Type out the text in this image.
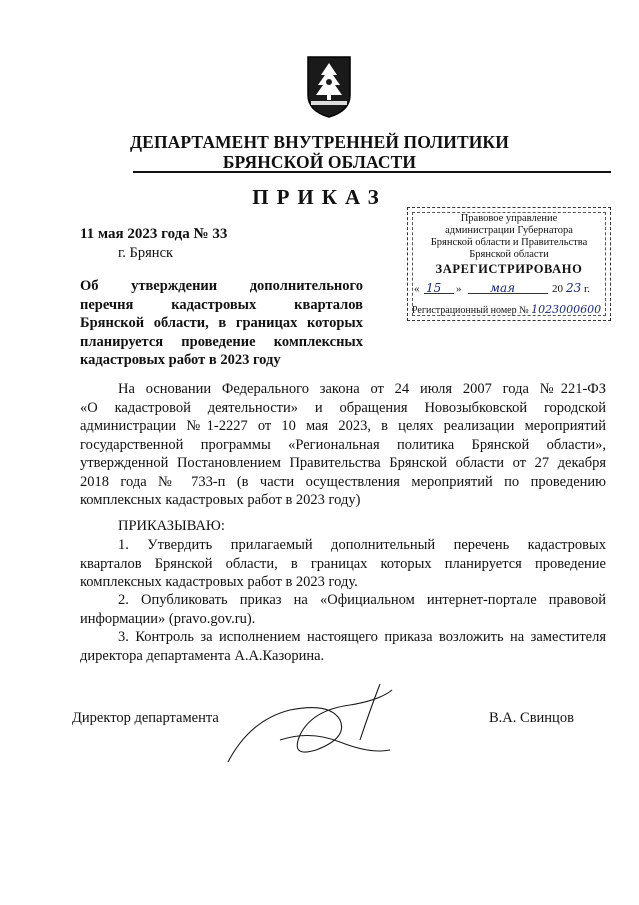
ДЕПАРТАМЕНТ ВНУТРЕННЕЙ ПОЛИТИКИ
БРЯНСКОЙ ОБЛАСТИ
ПРИКАЗ
11 мая 2023 года № 33
г. Брянск
Об утверждении дополнительного
перечня кадастровых кварталов
Брянской области, в границах которых
планируется проведение комплексных
кадастровых работ в 2023 году
Правовое управление
администрации Губернатора
Брянской области и Правительства
Брянской области
ЗАРЕГИСТРИРОВАНО
« 15 » мая	20 23 г.
Регистрационный номер № 1023000600
На основании Федерального закона от 24 июля 2007 года №221-ФЗ
«О кадастровой деятельности» и обращения Новозыбковской городской
администрации №1-2227 от 10 мая 2023, в целях реализации мероприятий
государственной программы «Региональная политика Брянской области»,
утвержденной Постановлением Правительства Брянской области от 27 декабря
2018 года № 733-п (в части осуществления мероприятий по проведению
комплексных кадастровых работ в 2023 году)
ПРИКАЗЫВАЮ:
1. Утвердить прилагаемый дополнительный перечень кадастровых
кварталов Брянской области, в границах которых планируется проведение
комплексных кадастровых работ в 2023 году.
2. Опубликовать приказ на «Официальном интернет-портале правовой
информации» (pravo.gov.ru).
3. Контроль за исполнением настоящего приказа возложить на заместителя
директора департамента А.А.Казорина.
Директор департамента	В.А. Свинцов
